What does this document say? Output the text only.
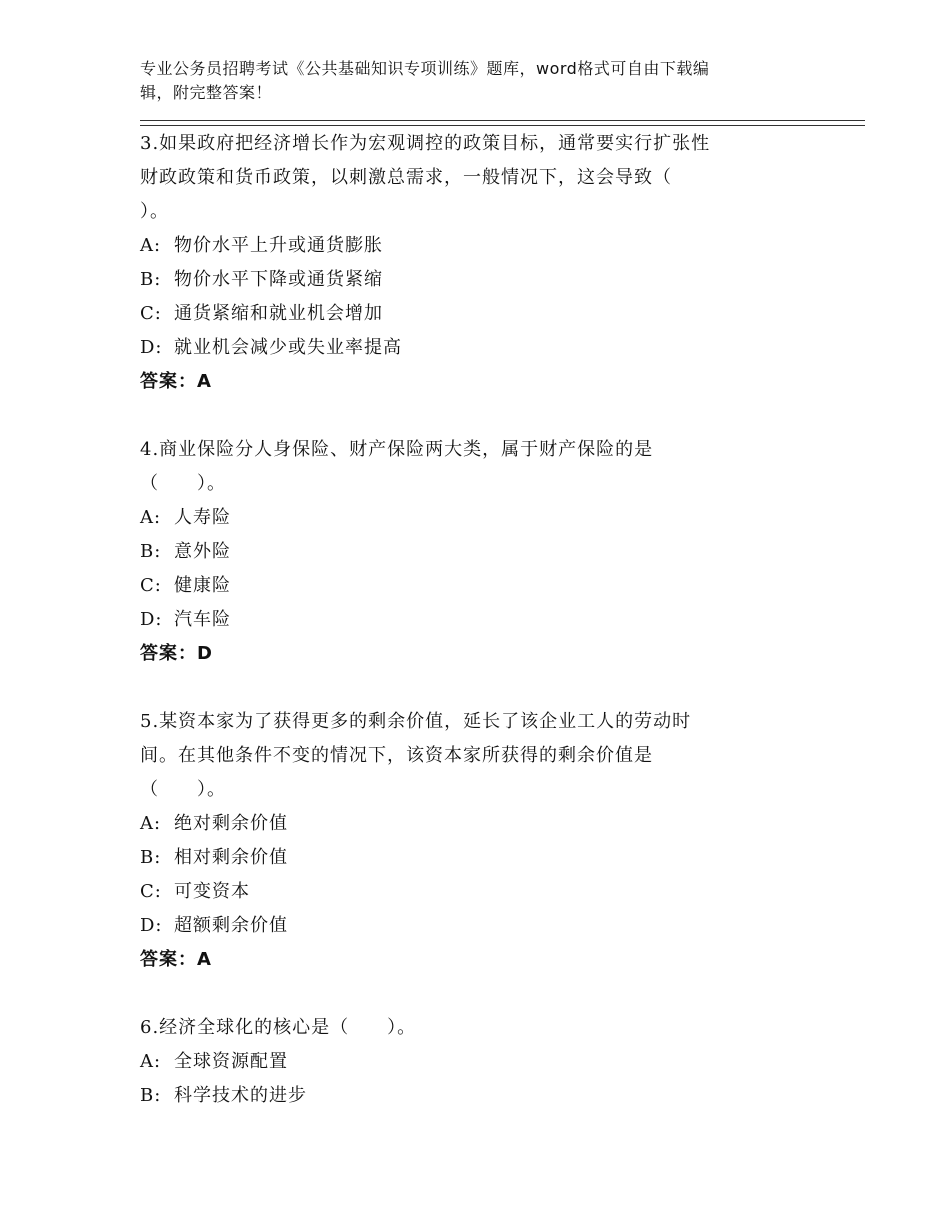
专业公务员招聘考试《公共基础知识专项训练》题库，word格式可自由下载编
辑，附完整答案！
3.如果政府把经济增长作为宏观调控的政策目标，通常要实行扩张性
财政政策和货币政策，以刺激总需求，一般情况下，这会导致（
）。
A: 物价水平上升或通货膨胀
B: 物价水平下降或通货紧缩
C: 通货紧缩和就业机会增加
D: 就业机会减少或失业率提高
答案：A
4.商业保险分人身保险、财产保险两大类，属于财产保险的是
（　　）。
A: 人寿险
B: 意外险
C: 健康险
D: 汽车险
答案：D
5.某资本家为了获得更多的剩余价值，延长了该企业工人的劳动时
间。在其他条件不变的情况下，该资本家所获得的剩余价值是
（　　）。
A: 绝对剩余价值
B: 相对剩余价值
C: 可变资本
D: 超额剩余价值
答案：A
6.经济全球化的核心是（　　）。
A: 全球资源配置
B: 科学技术的进步
